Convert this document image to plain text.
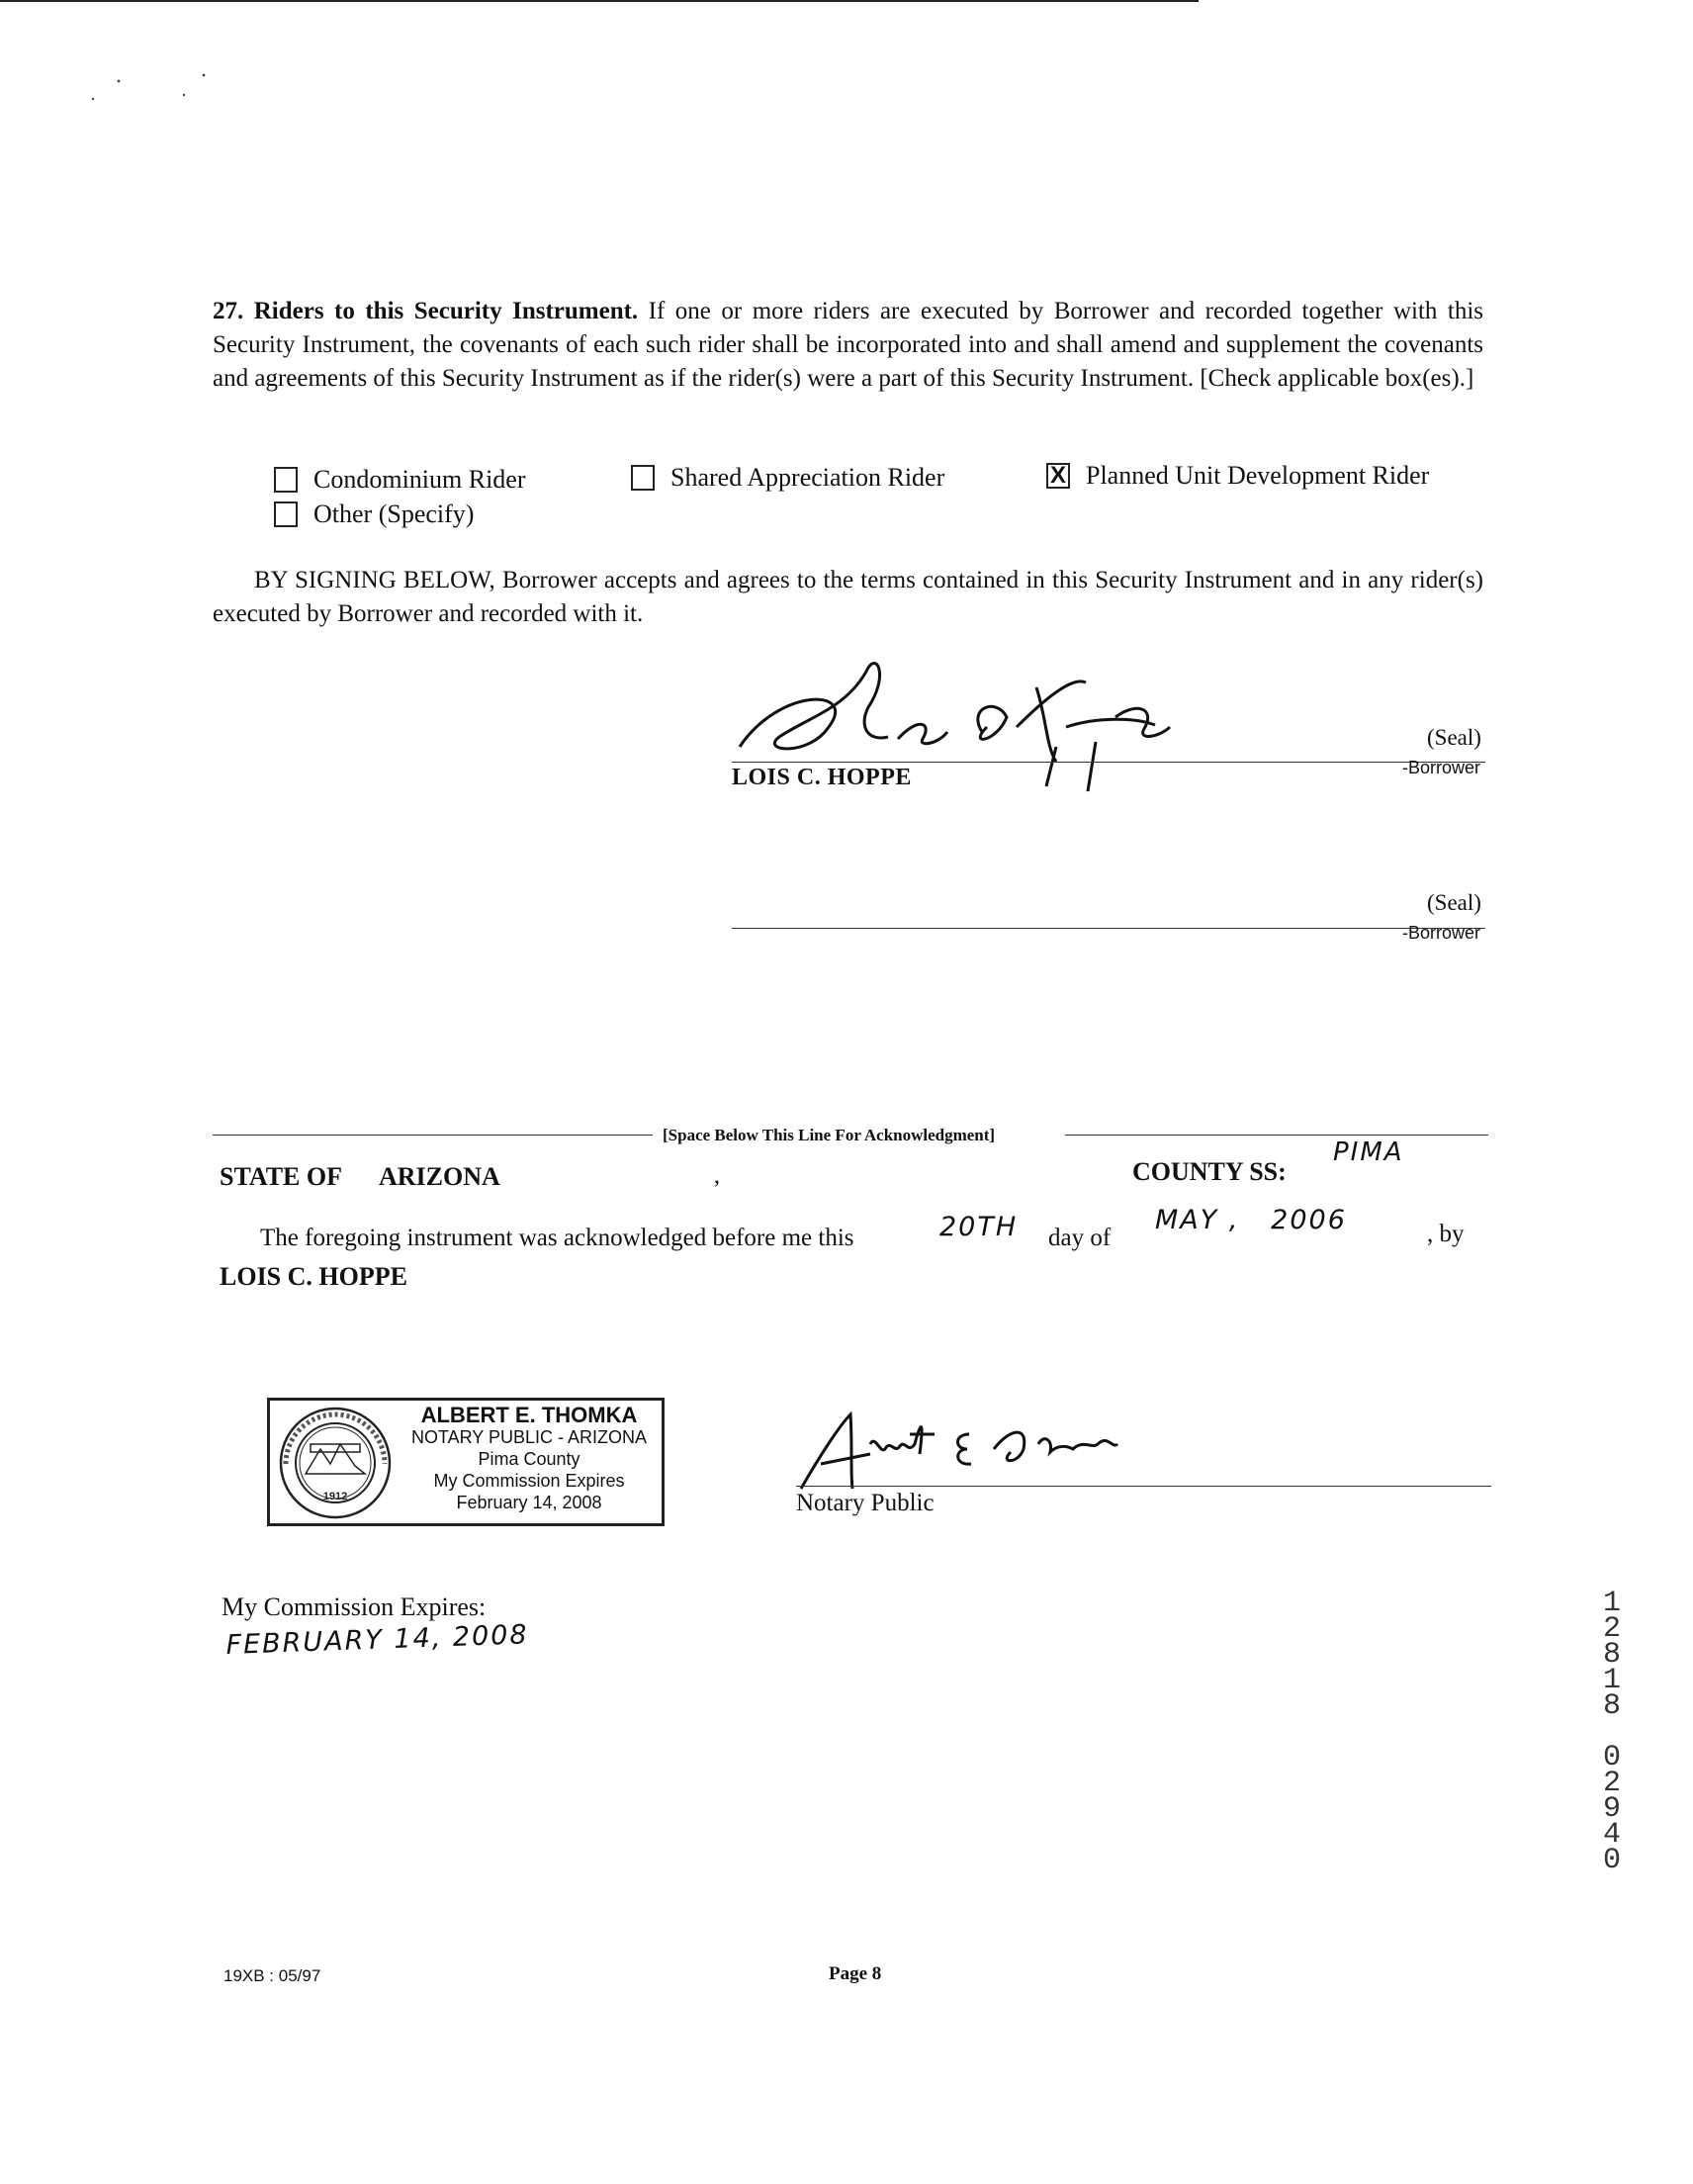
27. Riders to this Security Instrument. If one or more riders are executed by Borrower and recorded together with this Security Instrument, the covenants of each such rider shall be incorporated into and shall amend and supplement the covenants and agreements of this Security Instrument as if the rider(s) were a part of this Security Instrument. [Check applicable box(es).]

Condominium Rider	Shared Appreciation Rider	X Planned Unit Development Rider
Other (Specify)

BY SIGNING BELOW, Borrower accepts and agrees to the terms contained in this Security Instrument and in any rider(s) executed by Borrower and recorded with it.

LOIS C. HOPPE
(Seal)
-Borrower
(Seal)
-Borrower
[Space Below This Line For Acknowledgment]
STATE OF ARIZONA	,	COUNTY SS:
PIMA
The foregoing instrument was acknowledged before me this	20TH day of
MAY ,   2006	, by
LOIS C. HOPPE
1912
ALBERT E. THOMKA
NOTARY PUBLIC - ARIZONA
Pima County
My Commission Expires
February 14, 2008	Notary Public
My Commission Expires:
FEBRUARY 14, 2008
19XB : 05/97	Page 8
1
2
8
1
8
0
2
9
4
0
